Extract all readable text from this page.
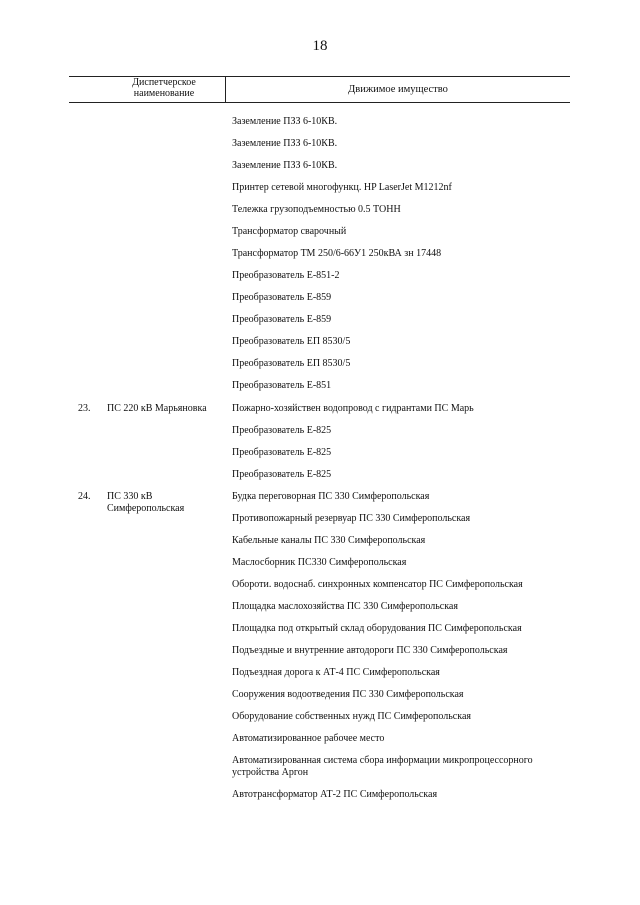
18
Диспетчерское наименование	Движимое имущество
Заземление ПЗЗ 6-10КВ.
Заземление ПЗЗ 6-10КВ.
Заземление ПЗЗ 6-10КВ.
Принтер сетевой многофункц. HP LaserJet M1212nf
Тележка грузоподъемностью 0.5 ТОНН
Трансформатор сварочный
Трансформатор ТМ 250/6-66У1 250кВА зн 17448
Преобразователь Е-851-2
Преобразователь Е-859
Преобразователь Е-859
Преобразователь ЕП 8530/5
Преобразователь ЕП 8530/5
Преобразователь Е-851
23. ПС 220 кВ Марьяновка	Пожарно-хозяйствен водопровод с гидрантами ПС Марь
Преобразователь Е-825
Преобразователь Е-825
Преобразователь Е-825
24. ПС 330 кВ Симферопольская
Будка переговорная ПС 330 Симферопольская
Противопожарный резервуар ПС 330 Симферопольская
Кабельные каналы ПС 330 Симферопольская
Маслосборник ПС330 Симферопольская
Обороти. водоснаб. синхронных компенсатор ПС Симферопольская
Площадка маслохозяйства ПС 330 Симферопольская
Площадка под открытый склад оборудования ПС Симферопольская
Подъездные и внутренние автодороги ПС 330 Симферопольская
Подъездная дорога к АТ-4 ПС Симферопольская
Сооружения водоотведения ПС 330 Симферопольская
Оборудование собственных нужд ПС Симферопольская
Автоматизированное рабочее место
Автоматизированная система сбора информации микропроцессорного устройства Аргон
Автотрансформатор АТ-2 ПС Симферопольская
